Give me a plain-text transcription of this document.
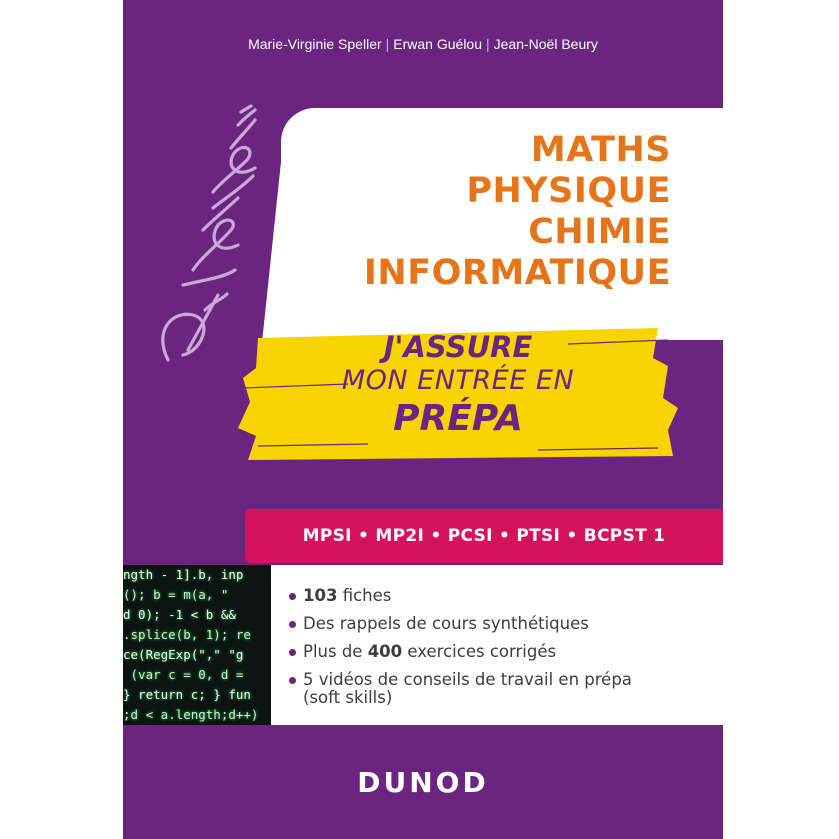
Marie-Virginie Speller | Erwan Guélou | Jean-Noël Beury
MATHS
PHYSIQUE
CHIMIE
INFORMATIQUE
J'ASSURE
MON ENTRÉE EN
PRÉPA
MPSI • MP2I • PCSI • PTSI • BCPST 1
ngth - 1].b, inp
(); b = m(a, "
d 0); -1 < b &&
.splice(b, 1); re
ce(RegExp("," "g
(var c = 0, d =
} return c; } fun
;d < a.length;d++)
103 fiches
Des rappels de cours synthétiques
Plus de 400 exercices corrigés
5 vidéos de conseils de travail en prépa
(soft skills)
DUNOD
